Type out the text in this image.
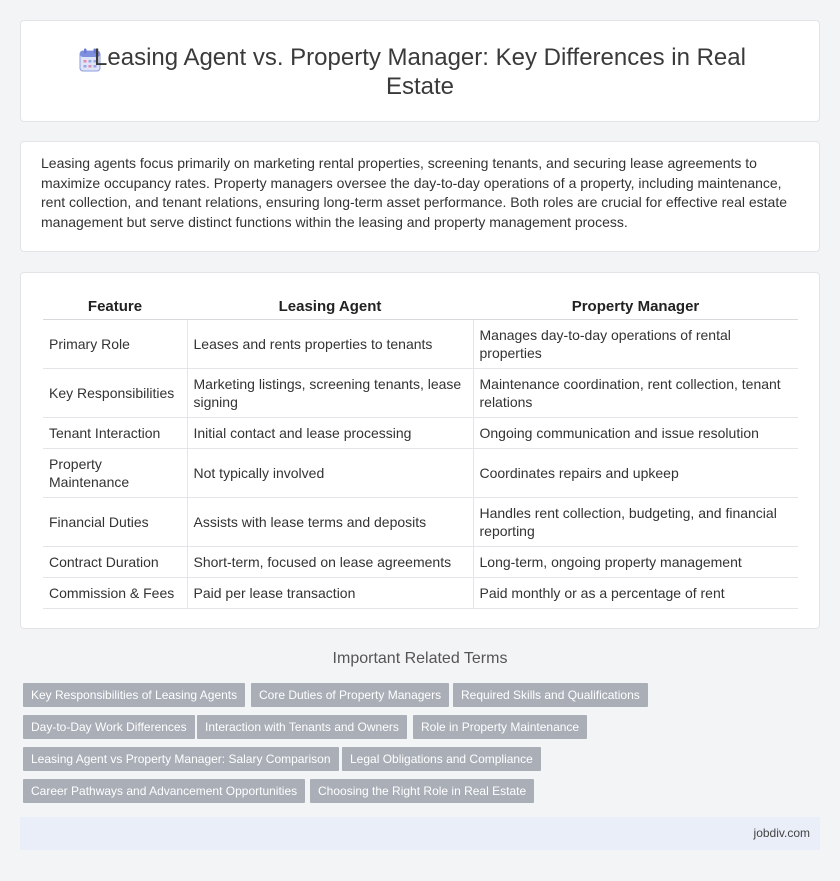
Leasing Agent vs. Property Manager: Key Differences in Real Estate

Leasing agents focus primarily on marketing rental properties, screening tenants, and securing lease agreements to maximize occupancy rates. Property managers oversee the day-to-day operations of a property, including maintenance, rent collection, and tenant relations, ensuring long-term asset performance. Both roles are crucial for effective real estate management but serve distinct functions within the leasing and property management process.

Feature	Leasing Agent	Property Manager
Primary Role	Leases and rents properties to tenants	Manages day-to-day operations of rental properties
Key Responsibilities	Marketing listings, screening tenants, lease signing	Maintenance coordination, rent collection, tenant relations
Tenant Interaction	Initial contact and lease processing	Ongoing communication and issue resolution
Property Maintenance	Not typically involved	Coordinates repairs and upkeep
Financial Duties	Assists with lease terms and deposits	Handles rent collection, budgeting, and financial reporting
Contract Duration	Short-term, focused on lease agreements	Long-term, ongoing property management
Commission & Fees	Paid per lease transaction	Paid monthly or as a percentage of rent
Important Related Terms
Key Responsibilities of Leasing Agents	Core Duties of Property Managers	Required Skills and Qualifications
Day-to-Day Work Differences	Interaction with Tenants and Owners	Role in Property Maintenance
Leasing Agent vs Property Manager: Salary Comparison	Legal Obligations and Compliance
Career Pathways and Advancement Opportunities	Choosing the Right Role in Real Estate
jobdiv.com
